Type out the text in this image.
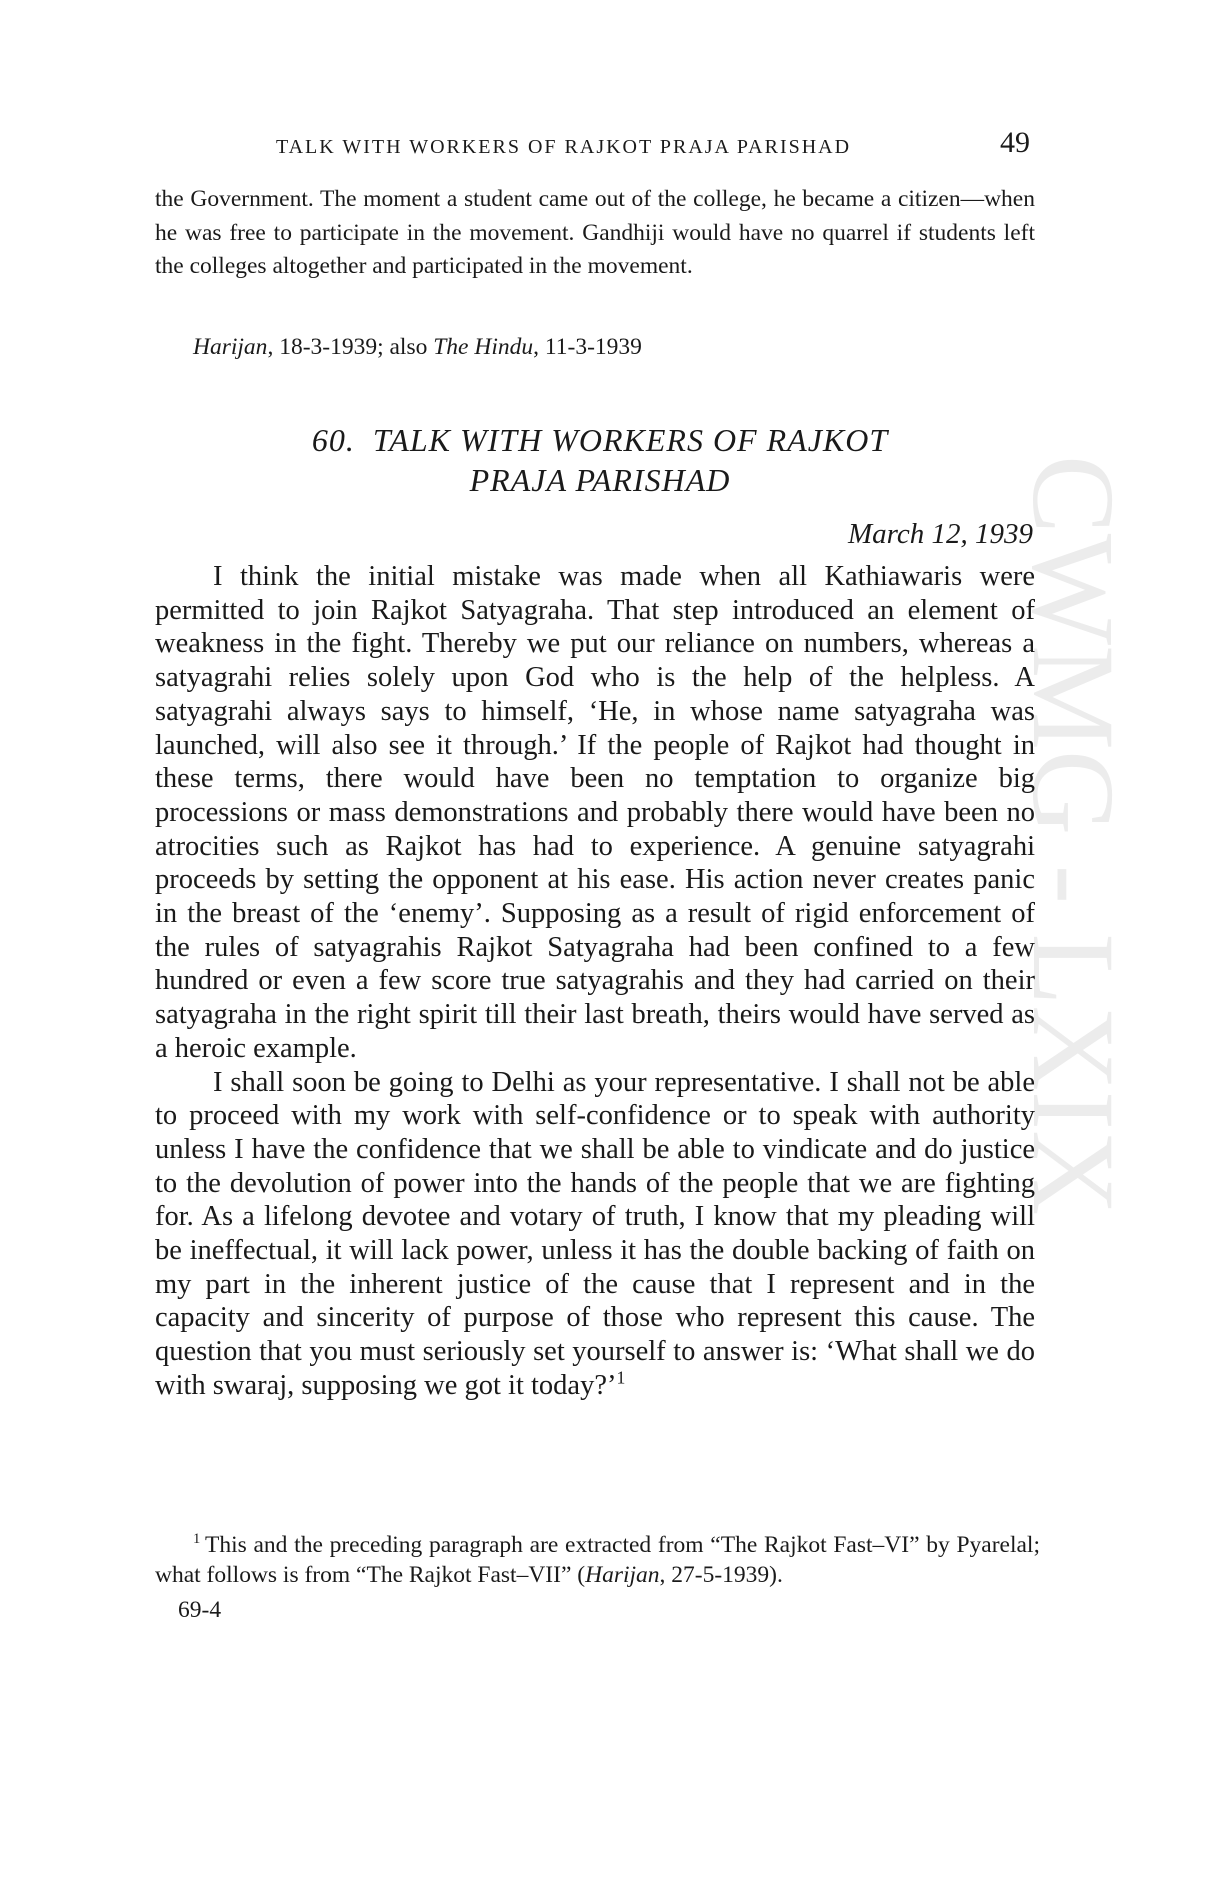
CWMG - LXIX
TALK WITH WORKERS OF RAJKOT PRAJA PARISHAD	49
the Government. The moment a student came out of the college, he became a citizen—when he was free to participate in the movement. Gandhiji would have no quarrel if students left the colleges altogether and participated in the movement.
Harijan, 18-3-1939; also The Hindu, 11-3-1939
60. TALK WITH WORKERS OF RAJKOT
PRAJA PARISHAD
March 12, 1939

I think the initial mistake was made when all Kathiawaris were permitted to join Rajkot Satyagraha. That step introduced an element of weakness in the fight. Thereby we put our reliance on numbers, whereas a satyagrahi relies solely upon God who is the help of the helpless. A satyagrahi always says to himself, ‘He, in whose name satyagraha was launched, will also see it through.’ If the people of Rajkot had thought in these terms, there would have been no temptation to organize big processions or mass demonstrations and probably there would have been no atrocities such as Rajkot has had to experience. A genuine satyagrahi proceeds by setting the opponent at his ease. His action never creates panic in the breast of the ‘enemy’. Supposing as a result of rigid enforcement of the rules of satyagrahis Rajkot Satyagraha had been confined to a few hundred or even a few score true satyagrahis and they had carried on their satyagraha in the right spirit till their last breath, theirs would have served as a heroic example.

I shall soon be going to Delhi as your representative. I shall not be able to proceed with my work with self-confidence or to speak with authority unless I have the confidence that we shall be able to vindicate and do justice to the devolution of power into the hands of the people that we are fighting for. As a lifelong devotee and votary of truth, I know that my pleading will be ineffectual, it will lack power, unless it has the double backing of faith on my part in the inherent justice of the cause that I represent and in the capacity and sincerity of purpose of those who represent this cause. The question that you must seriously set yourself to answer is: ‘What shall we do with swaraj, supposing we got it today?’$^1$

$^1$  This and the preceding paragraph are extracted from “The Rajkot Fast–VI” by Pyarelal; what follows is from “The Rajkot Fast–VII” (Harijan, 27-5-1939).

69-4
